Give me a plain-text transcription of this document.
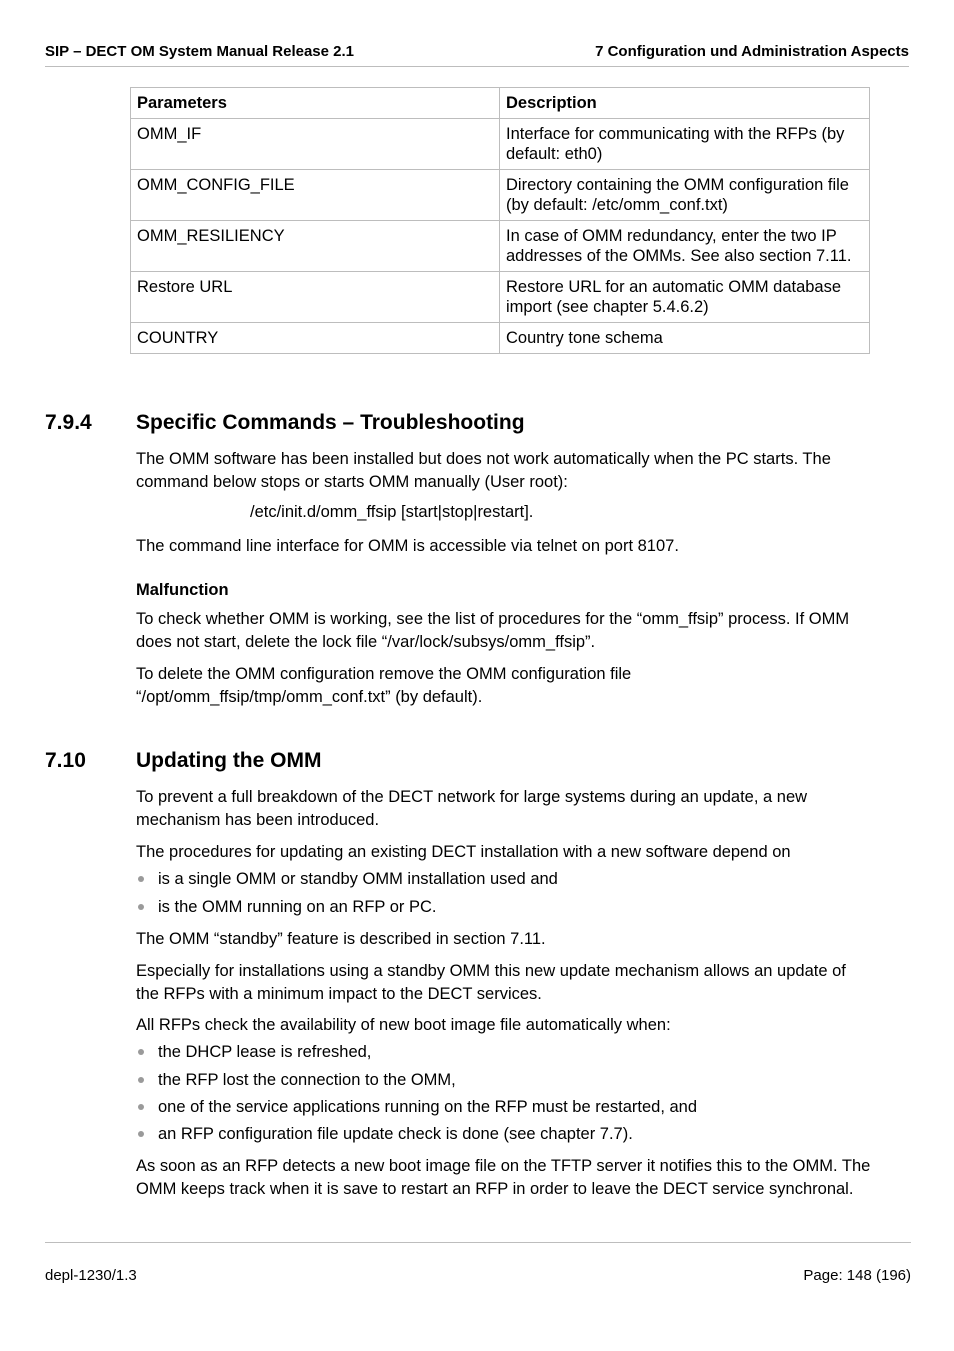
SIP – DECT OM System Manual Release 2.1	7 Configuration und Administration Aspects
Parameters	Description
OMM_IF	Interface for communicating with the RFPs (by default: eth0)
OMM_CONFIG_FILE	Directory containing the OMM configuration file (by default: /etc/omm_conf.txt)
OMM_RESILIENCY	In case of OMM redundancy, enter the two IP addresses of the OMMs. See also section 7.11.
Restore URL	Restore URL for an automatic OMM database import (see chapter 5.4.6.2)
COUNTRY	Country tone schema
7.9.4 Specific Commands – Troubleshooting

The OMM software has been installed but does not work automatically when the PC starts. The command below stops or starts OMM manually (User root):

/etc/init.d/omm_ffsip [start|stop|restart].

The command line interface for OMM is accessible via telnet on port 8107.

Malfunction

To check whether OMM is working, see the list of procedures for the “omm_ffsip” process. If OMM does not start, delete the lock file “/var/lock/subsys/omm_ffsip”.

To delete the OMM configuration remove the OMM configuration file “/opt/omm_ffsip/tmp/omm_conf.txt” (by default).

7.10 Updating the OMM

To prevent a full breakdown of the DECT network for large systems during an update, a new mechanism has been introduced.

The procedures for updating an existing DECT installation with a new software depend on

is a single OMM or standby OMM installation used and
is the OMM running on an RFP or PC.

The OMM “standby” feature is described in section 7.11.

Especially for installations using a standby OMM this new update mechanism allows an update of the RFPs with a minimum impact to the DECT services.

All RFPs check the availability of new boot image file automatically when:

the DHCP lease is refreshed,
the RFP lost the connection to the OMM,
one of the service applications running on the RFP must be restarted, and
an RFP configuration file update check is done (see chapter 7.7).

As soon as an RFP detects a new boot image file on the TFTP server it notifies this to the OMM. The OMM keeps track when it is save to restart an RFP in order to leave the DECT service synchronal.

depl-1230/1.3	Page: 148 (196)
